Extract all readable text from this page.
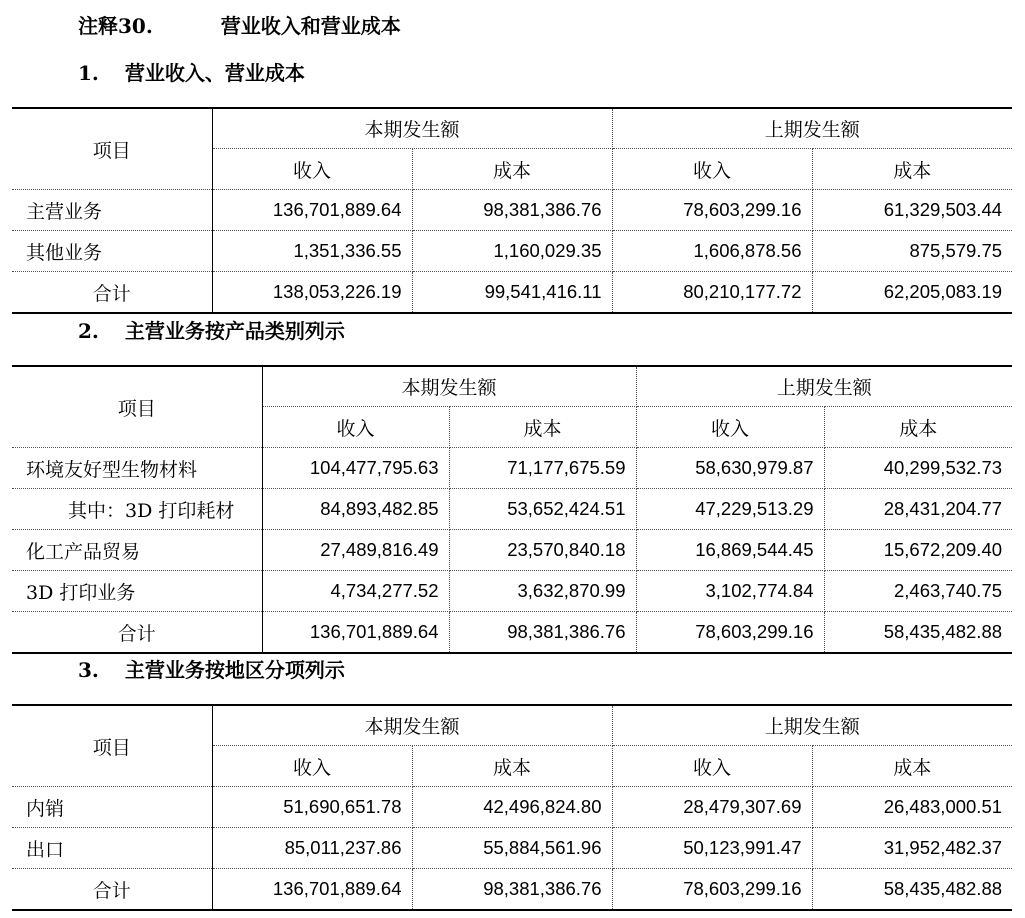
注释30.	营业收入和营业成本
1. 营业收入、营业成本
项目	本期发生额		上期发生额	
	收入	成本	收入	成本
主营业务	136,701,889.64	98,381,386.76	78,603,299.16	61,329,503.44
其他业务	1,351,336.55	1,160,029.35	1,606,878.56	875,579.75
合计	138,053,226.19	99,541,416.11	80,210,177.72	62,205,083.19
2. 主营业务按产品类别列示
项目	本期发生额		上期发生额	
	收入	成本	收入	成本
环境友好型生物材料	104,477,795.63	71,177,675.59	58,630,979.87	40,299,532.73
其中：3D 打印耗材	84,893,482.85	53,652,424.51	47,229,513.29	28,431,204.77
化工产品贸易	27,489,816.49	23,570,840.18	16,869,544.45	15,672,209.40
3D 打印业务	4,734,277.52	3,632,870.99	3,102,774.84	2,463,740.75
合计	136,701,889.64	98,381,386.76	78,603,299.16	58,435,482.88
3. 主营业务按地区分项列示
项目	本期发生额		上期发生额	
	收入	成本	收入	成本
内销	51,690,651.78	42,496,824.80	28,479,307.69	26,483,000.51
出口	85,011,237.86	55,884,561.96	50,123,991.47	31,952,482.37
合计	136,701,889.64	98,381,386.76	78,603,299.16	58,435,482.88
